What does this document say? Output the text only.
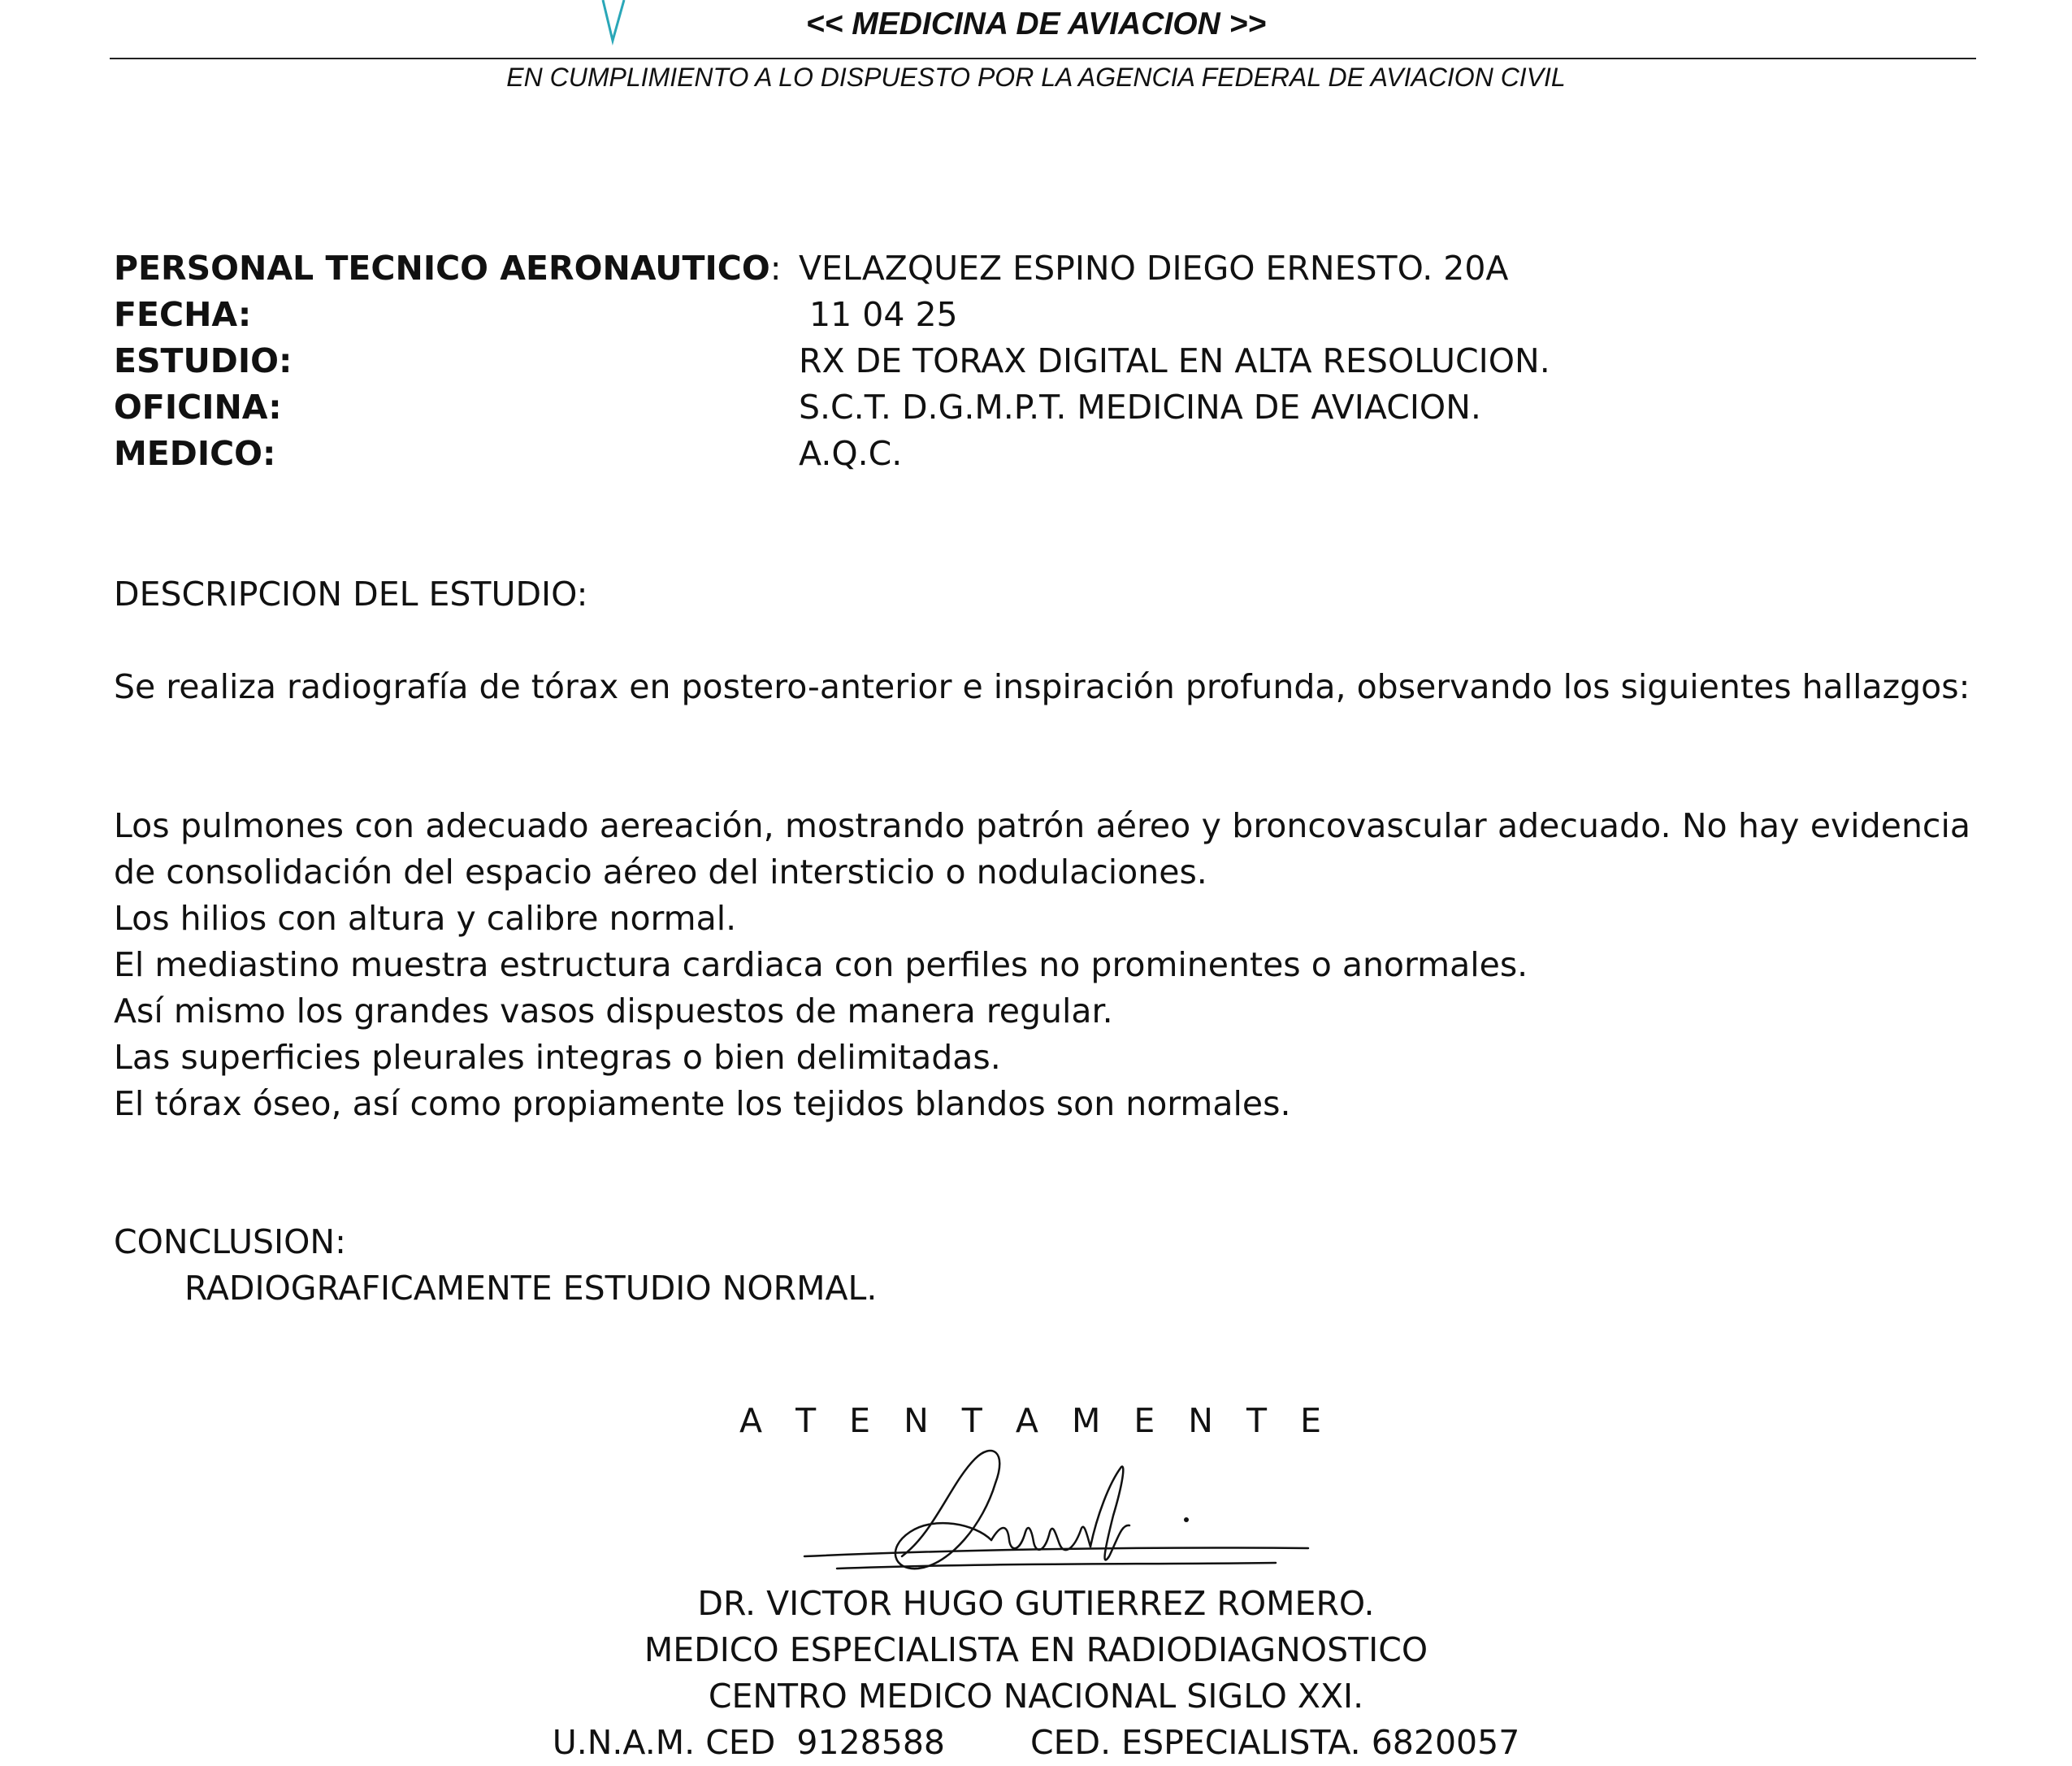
<< MEDICINA DE AVIACION >>
EN CUMPLIMIENTO A LO DISPUESTO POR LA AGENCIA FEDERAL DE AVIACION CIVIL
PERSONAL TECNICO AERONAUTICO: VELAZQUEZ ESPINO DIEGO ERNESTO. 20A
FECHA:	11 04 25
ESTUDIO:	RX DE TORAX DIGITAL EN ALTA RESOLUCION.
OFICINA:	S.C.T. D.G.M.P.T. MEDICINA DE AVIACION.
MEDICO:	A.Q.C.
DESCRIPCION DEL ESTUDIO:
Se realiza radiografía de tórax en postero-anterior e inspiración profunda, observando los siguientes hallazgos:
Los pulmones con adecuado aereación, mostrando patrón aéreo y broncovascular adecuado. No hay evidencia de consolidación del espacio aéreo del intersticio o nodulaciones.

Los hilios con altura y calibre normal.

El mediastino muestra estructura cardiaca con perfiles no prominentes o anormales.

Así mismo los grandes vasos dispuestos de manera regular.

Las superficies pleurales integras o bien delimitadas.

El tórax óseo, así como propiamente los tejidos blandos son normales.

CONCLUSION:
RADIOGRAFICAMENTE ESTUDIO NORMAL.
A T E N T A M E N T E
DR. VICTOR HUGO GUTIERREZ ROMERO.
MEDICO ESPECIALISTA EN RADIODIAGNOSTICO
CENTRO MEDICO NACIONAL SIGLO XXI.
U.N.A.M. CED  9128588	CED. ESPECIALISTA. 6820057
